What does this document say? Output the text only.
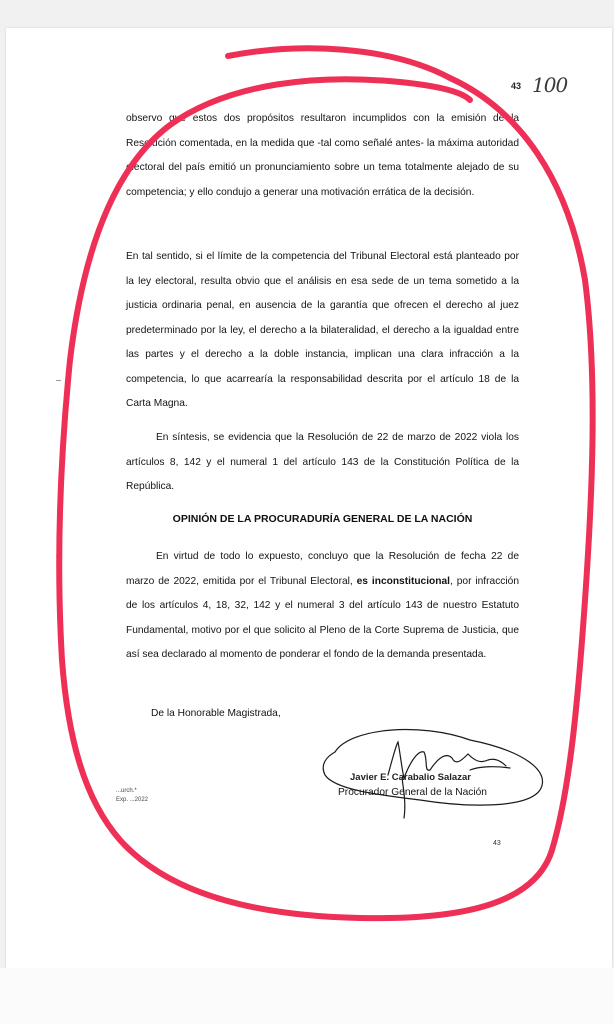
43 100
observo que estos dos propósitos resultaron incumplidos con la emisión de la Resolución comentada, en la medida que -tal como señalé antes- la máxima autoridad electoral del país emitió un pronunciamiento sobre un tema totalmente alejado de su competencia; y ello condujo a generar una motivación errática de la decisión.
En tal sentido, si el límite de la competencia del Tribunal Electoral está planteado por la ley electoral, resulta obvio que el análisis en esa sede de un tema sometido a la justicia ordinaria penal, en ausencia de la garantía que ofrecen el derecho al juez predeterminado por la ley, el derecho a la bilateralidad, el derecho a la igualdad entre las partes y el derecho a la doble instancia, implican una clara infracción a la competencia, lo que acarrearía la responsabilidad descrita por el artículo 18 de la Carta Magna.
En síntesis, se evidencia que la Resolución de 22 de marzo de 2022 viola los artículos 8, 142 y el numeral 1 del artículo 143 de la Constitución Política de la República.
OPINIÓN DE LA PROCURADURÍA GENERAL DE LA NACIÓN
En virtud de todo lo expuesto, concluyo que la Resolución de fecha 22 de marzo de 2022, emitida por el Tribunal Electoral, es inconstitucional, por infracción de los artículos 4, 18, 32, 142 y el numeral 3 del artículo 143 de nuestro Estatuto Fundamental, motivo por el que solicito al Pleno de la Corte Suprema de Justicia, que así sea declarado al momento de ponderar el fondo de la demanda presentada.
De la Honorable Magistrada,
...urch.*
Exp. ...2022
Javier E. Carabalio Salazar
Procurador General de la Nación
43
